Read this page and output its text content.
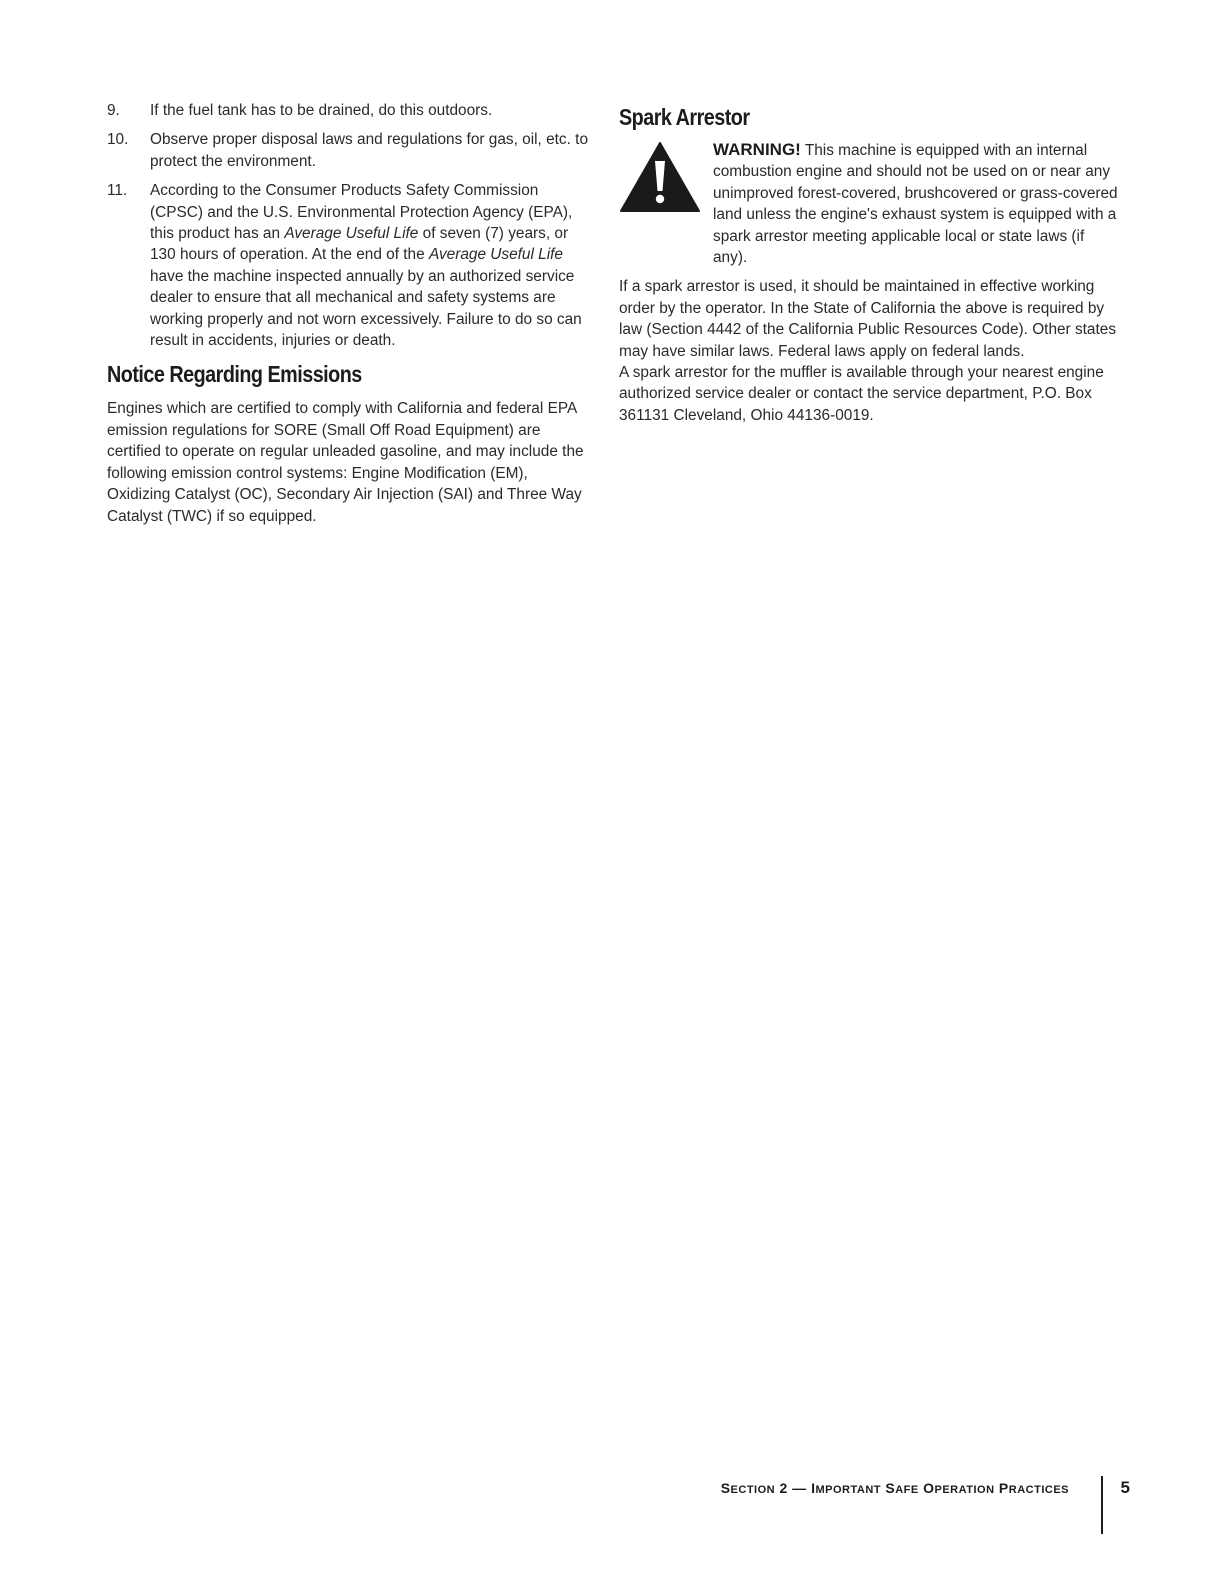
9.	If the fuel tank has to be drained, do this outdoors.
10.	Observe proper disposal laws and regulations for gas, oil, etc. to protect the environment.
11.	According to the Consumer Products Safety Commission (CPSC) and the U.S. Environmental Protection Agency (EPA), this product has an Average Useful Life of seven (7) years, or 130 hours of operation. At the end of the Average Useful Life have the machine inspected annually by an authorized service dealer to ensure that all mechanical and safety systems are working properly and not worn excessively. Failure to do so can result in accidents, injuries or death.
Notice Regarding Emissions

Engines which are certified to comply with California and federal EPA emission regulations for SORE (Small Off Road Equipment) are certified to operate on regular unleaded gasoline, and may include the following emission control systems: Engine Modification (EM), Oxidizing Catalyst (OC), Secondary Air Injection (SAI) and Three Way Catalyst (TWC) if so equipped.

Spark Arrestor
WARNING! This machine is equipped with an internal combustion engine and should not be used on or near any unimproved forest-covered, brushcovered or grass-covered land unless the engine's exhaust system is equipped with a spark arrestor meeting applicable local or state laws (if any).

If a spark arrestor is used, it should be maintained in effective working order by the operator. In the State of California the above is required by law (Section 4442 of the California Public Resources Code). Other states may have similar laws. Federal laws apply on federal lands.

A spark arrestor for the muffler is available through your nearest engine authorized service dealer or contact the service department, P.O. Box 361131 Cleveland, Ohio 44136-0019.

SECTION 2 — IMPORTANT SAFE OPERATION PRACTICES	5
